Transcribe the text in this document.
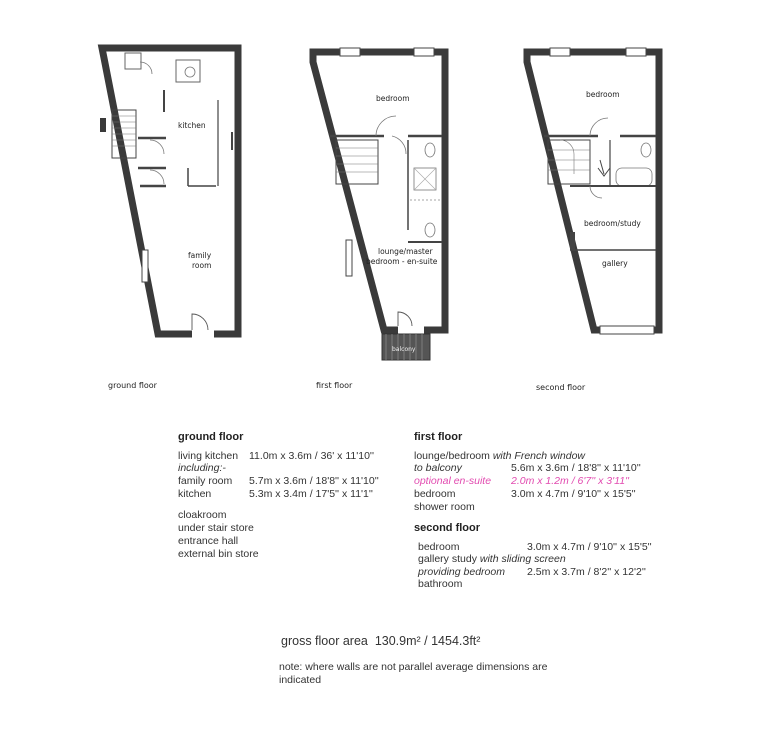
kitchen
family
room
ground floor
bedroom
lounge/master
bedroom - en-suite
balcony
first floor
bedroom
bedroom/study
gallery
second floor
ground floor
living kitchen 11.0m x 3.6m / 36' x 11'10''
including:-
family room 5.7m x 3.6m / 18'8'' x 11'10''
kitchen	5.3m x 3.4m / 17'5'' x 11'1''
cloakroom
under stair store
entrance hall
external bin store
first floor
lounge/bedroom with French window
to balcony	5.6m x 3.6m / 18'8'' x 11'10''
optional en-suite 2.0m x 1.2m / 6'7'' x 3'11''
bedroom	3.0m x 4.7m / 9'10'' x 15'5''
shower room
second floor
bedroom	3.0m x 4.7m / 9'10'' x 15'5''
gallery study with sliding screen
providing bedroom 2.5m x 3.7m / 8'2'' x 12'2''
bathroom
gross floor area 130.9m² / 1454.3ft²
note: where walls are not parallel average dimensions are
indicated
